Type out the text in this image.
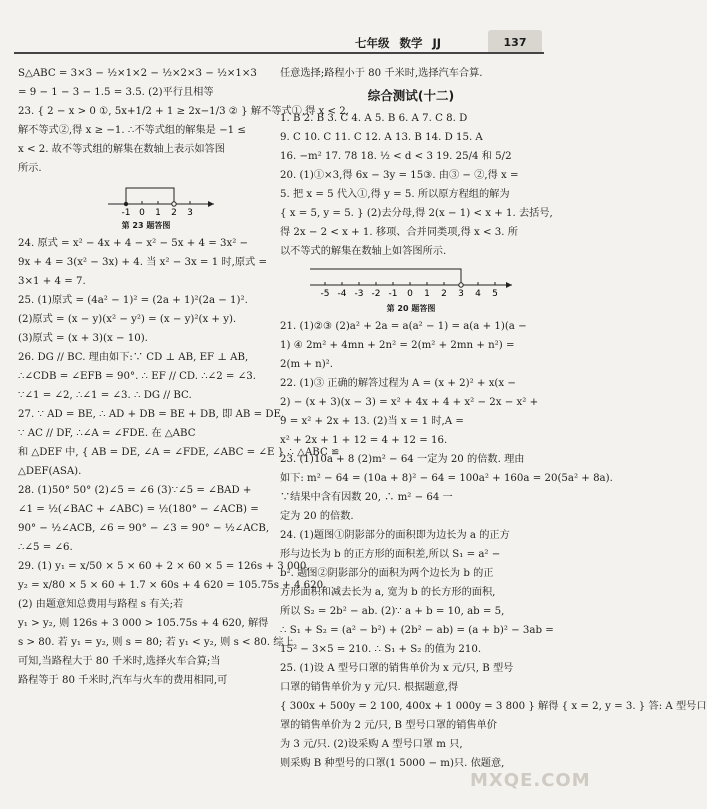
七年级 数学 JJ	137
S△ABC = 3×3 − ½×1×2 − ½×2×3 − ½×1×3
= 9 − 1 − 3 − 1.5 = 3.5. (2)平行且相等
23. { 2 − x > 0 ①, 5x+1/2 + 1 ≥ 2x−1/3 ② } 解不等式①,得 x < 2.
解不等式②,得 x ≥ −1. ∴不等式组的解集是 −1 ≤
x < 2. 故不等式组的解集在数轴上表示如答图
所示.
-1 0 1 2 3
第 23 题答图
24. 原式 = x² − 4x + 4 − x² − 5x + 4 = 3x² −
9x + 4 = 3(x² − 3x) + 4. 当 x² − 3x = 1 时,原式 =
3×1 + 4 = 7.
25. (1)原式 = (4a² − 1)² = (2a + 1)²(2a − 1)².
(2)原式 = (x − y)(x² − y²) = (x − y)²(x + y).
(3)原式 = (x + 3)(x − 10).
26. DG // BC. 理由如下:∵ CD ⊥ AB, EF ⊥ AB,
∴∠CDB = ∠EFB = 90°. ∴ EF // CD. ∴∠2 = ∠3.
∵∠1 = ∠2, ∴∠1 = ∠3. ∴ DG // BC.
27. ∵ AD = BE, ∴ AD + DB = BE + DB, 即 AB = DE.
∵ AC // DF, ∴∠A = ∠FDE. 在 △ABC
和 △DEF 中, { AB = DE, ∠A = ∠FDE, ∠ABC = ∠E } ∴ △ABC ≌
△DEF(ASA).
28. (1)50° 50° (2)∠5 = ∠6 (3)∵∠5 = ∠BAD +
∠1 = ½(∠BAC + ∠ABC) = ½(180° − ∠ACB) =
90° − ½∠ACB, ∠6 = 90° − ∠3 = 90° − ½∠ACB,
∴∠5 = ∠6.
29. (1) y₁ = x/50 × 5 × 60 + 2 × 60 × 5 = 126s + 3 000,
y₂ = x/80 × 5 × 60 + 1.7 × 60s + 4 620 = 105.75s + 4 620.
(2) 由题意知总费用与路程 s 有关;若
y₁ > y₂, 则 126s + 3 000 > 105.75s + 4 620, 解得
s > 80. 若 y₁ = y₂, 则 s = 80; 若 y₁ < y₂, 则 s < 80. 综上
可知,当路程大于 80 千米时,选择火车合算;当
路程等于 80 千米时,汽车与火车的费用相同,可
任意选择;路程小于 80 千米时,选择汽车合算.
综合测试(十二)
1. B 2. B 3. C 4. A 5. B 6. A 7. C 8. D
9. C 10. C 11. C 12. A 13. B 14. D 15. A
16. −m² 17. 78 18. ½ < d < 3 19. 25/4 和 5/2
20. (1)①×3,得 6x − 3y = 15③. 由③ − ②,得 x =
5. 把 x = 5 代入①,得 y = 5. 所以原方程组的解为
{ x = 5, y = 5. } (2)去分母,得 2(x − 1) < x + 1. 去括号,
得 2x − 2 < x + 1. 移项、合并同类项,得 x < 3. 所
以不等式的解集在数轴上如答图所示.
-5 -4 -3 -2 -1 0 1 2 3 4 5
第 20 题答图
21. (1)②③ (2)a² + 2a = a(a² − 1) = a(a + 1)(a −
1) ④ 2m² + 4mn + 2n² = 2(m² + 2mn + n²) =
2(m + n)².
22. (1)③ 正确的解答过程为 A = (x + 2)² + x(x −
2) − (x + 3)(x − 3) = x² + 4x + 4 + x² − 2x − x² +
9 = x² + 2x + 13. (2)当 x = 1 时,A =
x² + 2x + 1 + 12 = 4 + 12 = 16.
23. (1)10a + 8 (2)m² − 64 一定为 20 的倍数. 理由
如下: m² − 64 = (10a + 8)² − 64 = 100a² + 160a = 20(5a² + 8a).
∵结果中含有因数 20, ∴ m² − 64 一
定为 20 的倍数.
24. (1)题图①阴影部分的面积即为边长为 a 的正方
形与边长为 b 的正方形的面积差,所以 S₁ = a² −
b². 题图②阴影部分的面积为两个边长为 b 的正
方形面积和减去长为 a, 宽为 b 的长方形的面积,
所以 S₂ = 2b² − ab. (2)∵ a + b = 10, ab = 5,
∴ S₁ + S₂ = (a² − b²) + (2b² − ab) = (a + b)² − 3ab =
15² − 3×5 = 210. ∴ S₁ + S₂ 的值为 210.
25. (1)设 A 型号口罩的销售单价为 x 元/只, B 型号
口罩的销售单价为 y 元/只. 根据题意,得
{ 300x + 500y = 2 100, 400x + 1 000y = 3 800 } 解得 { x = 2, y = 3. } 答: A 型号口
罩的销售单价为 2 元/只, B 型号口罩的销售单价
为 3 元/只. (2)设采购 A 型号口罩 m 只,
则采购 B 种型号的口罩(1 5000 − m)只. 依题意,
MXQE.COM
